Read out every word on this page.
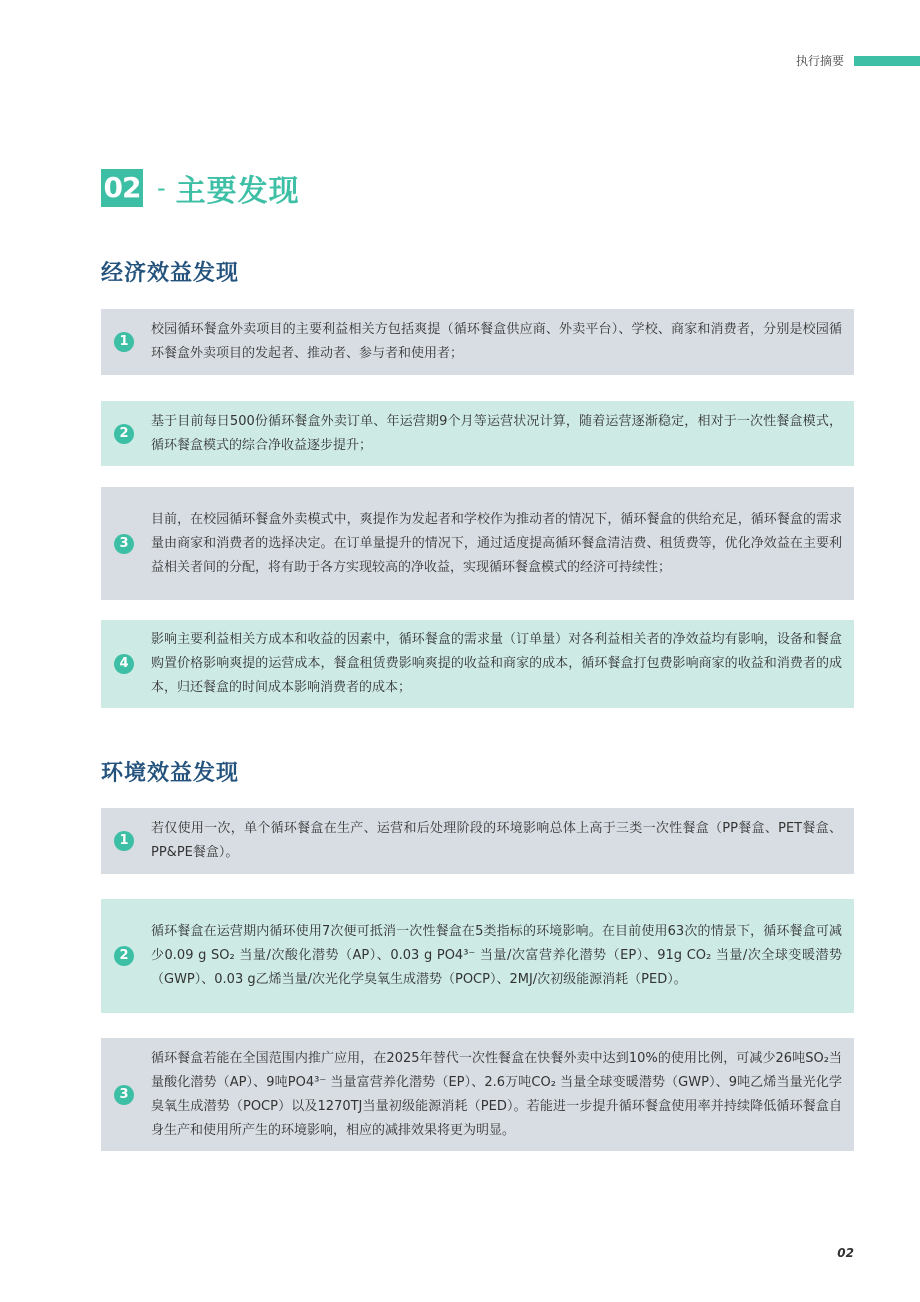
执行摘要
02 - 主要发现
经济效益发现
1
校园循环餐盒外卖项目的主要利益相关方包括爽提（循环餐盒供应商、外卖平台）、学校、商家和消费者，分别是校园循环餐盒外卖项目的发起者、推动者、参与者和使用者；
2
基于目前每日500份循环餐盒外卖订单、年运营期9个月等运营状况计算，随着运营逐渐稳定，相对于一次性餐盒模式，循环餐盒模式的综合净收益逐步提升；
3
目前，在校园循环餐盒外卖模式中，爽提作为发起者和学校作为推动者的情况下，循环餐盒的供给充足，循环餐盒的需求量由商家和消费者的选择决定。在订单量提升的情况下，通过适度提高循环餐盒清洁费、租赁费等，优化净效益在主要利益相关者间的分配，将有助于各方实现较高的净收益，实现循环餐盒模式的经济可持续性；
4
影响主要利益相关方成本和收益的因素中，循环餐盒的需求量（订单量）对各利益相关者的净效益均有影响，设备和餐盒购置价格影响爽提的运营成本，餐盒租赁费影响爽提的收益和商家的成本，循环餐盒打包费影响商家的收益和消费者的成本，归还餐盒的时间成本影响消费者的成本；
环境效益发现
1
若仅使用一次，单个循环餐盒在生产、运营和后处理阶段的环境影响总体上高于三类一次性餐盒（PP餐盒、PET餐盒、PP&PE餐盒）。
2
循环餐盒在运营期内循环使用7次便可抵消一次性餐盒在5类指标的环境影响。在目前使用63次的情景下，循环餐盒可减少0.09 g SO₂ 当量/次酸化潜势（AP）、0.03 g PO4³⁻ 当量/次富营养化潜势（EP）、91g CO₂ 当量/次全球变暖潜势（GWP）、0.03 g乙烯当量/次光化学臭氧生成潜势（POCP）、2MJ/次初级能源消耗（PED）。
3
循环餐盒若能在全国范围内推广应用，在2025年替代一次性餐盒在快餐外卖中达到10%的使用比例，可减少26吨SO₂当量酸化潜势（AP）、9吨PO4³⁻ 当量富营养化潜势（EP）、2.6万吨CO₂ 当量全球变暖潜势（GWP）、9吨乙烯当量光化学臭氧生成潜势（POCP）以及1270TJ当量初级能源消耗（PED）。若能进一步提升循环餐盒使用率并持续降低循环餐盒自身生产和使用所产生的环境影响，相应的减排效果将更为明显。
02
